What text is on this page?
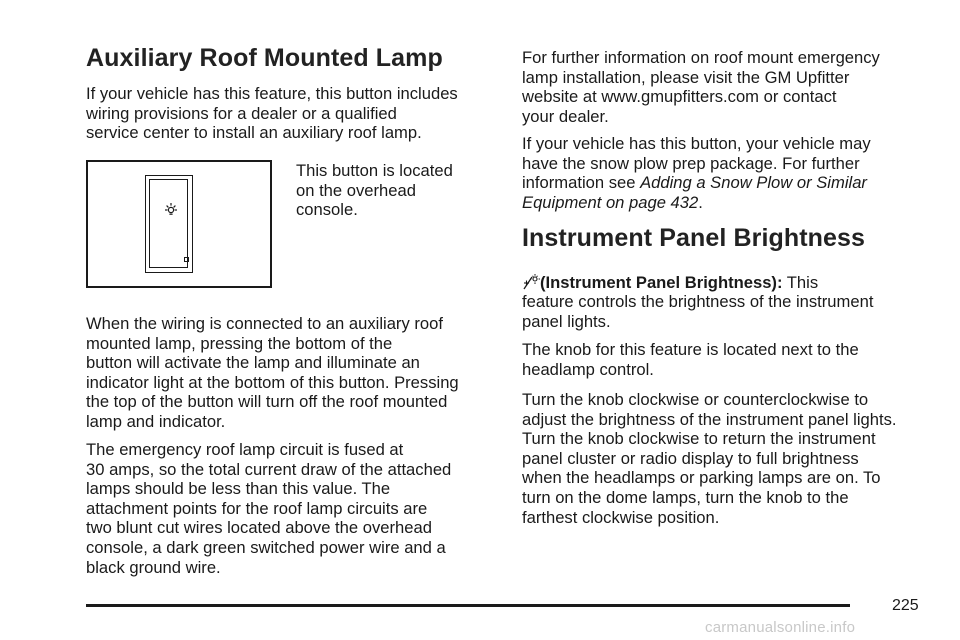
Auxiliary Roof Mounted Lamp

If your vehicle has this feature, this button includes
wiring provisions for a dealer or a qualified
service center to install an auxiliary roof lamp.

This button is located
on the overhead
console.

When the wiring is connected to an auxiliary roof
mounted lamp, pressing the bottom of the
button will activate the lamp and illuminate an
indicator light at the bottom of this button. Pressing
the top of the button will turn off the roof mounted
lamp and indicator.

The emergency roof lamp circuit is fused at
30 amps, so the total current draw of the attached
lamps should be less than this value. The
attachment points for the roof lamp circuits are
two blunt cut wires located above the overhead
console, a dark green switched power wire and a
black ground wire.

For further information on roof mount emergency
lamp installation, please visit the GM Upfitter
website at www.gmupfitters.com or contact
your dealer.

If your vehicle has this button, your vehicle may
have the snow plow prep package. For further
information see Adding a Snow Plow or Similar
Equipment on page 432.

Instrument Panel Brightness
(Instrument Panel Brightness): This

feature controls the brightness of the instrument
panel lights.

The knob for this feature is located next to the
headlamp control.

Turn the knob clockwise or counterclockwise to
adjust the brightness of the instrument panel lights.
Turn the knob clockwise to return the instrument
panel cluster or radio display to full brightness
when the headlamps or parking lamps are on. To
turn on the dome lamps, turn the knob to the
farthest clockwise position.

225
carmanualsonline.info
